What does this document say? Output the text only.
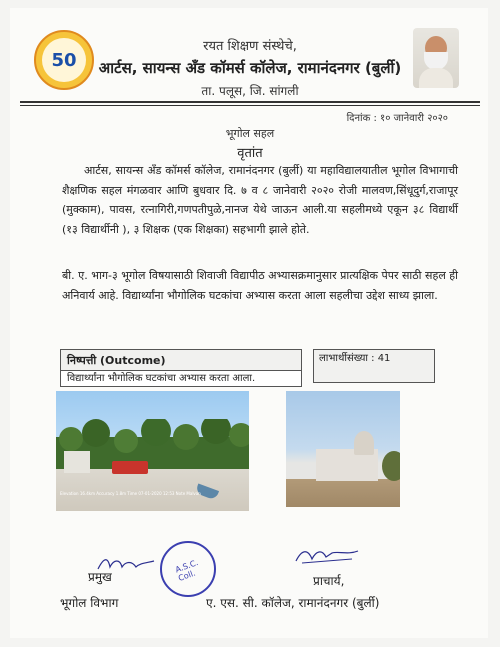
50
रयत शिक्षण संस्थेचे,
आर्टस, सायन्स अँड कॉमर्स कॉलेज, रामानंदनगर (बुर्ली)
ता. पलूस, जि. सांगली
दिनांक : १० जानेवारी २०२०
भूगोल सहल
वृतांत
आर्टस, सायन्स अँड कॉमर्स कॉलेज, रामानंदनगर (बुर्ली) या महाविद्यालयातील भूगोल विभागाची शैक्षणिक सहल मंगळवार आणि बुधवार दि. ७ व ८ जानेवारी २०२० रोजी मालवण,सिंधूदुर्ग,राजापूर (मुक्काम), पावस, रत्नागिरी,गणपतीपुळे,नानज येथे जाऊन आली.या सहलीमध्ये एकून ३८ विद्यार्थी (१३ विद्यार्थीनी ), ३ शिक्षक (एक शिक्षका) सहभागी झाले होते.
बी. ए. भाग-३ भूगोल विषयासाठी शिवाजी विद्यापीठ अभ्यासक्रमानुसार प्रात्यक्षिक पेपर साठी सहल ही अनिवार्य आहे. विद्यार्थ्यांना भौगोलिक घटकांचा अभ्यास करता आला सहलीचा उद्देश साध्य झाला.
निष्पत्ती (Outcome)
विद्यार्थ्यांना भौगोलिक घटकांचा अभ्यास करता आला.
लाभार्थीसंख्या : 41
Elevation 16.4km Accuracy 1.8m Time 07-01-2020 12:53 Note Malvan
A.S.C. Coll.
प्रमुख
भूगोल विभाग
प्राचार्य,
ए. एस. सी. कॉलेज, रामानंदनगर (बुर्ली)
